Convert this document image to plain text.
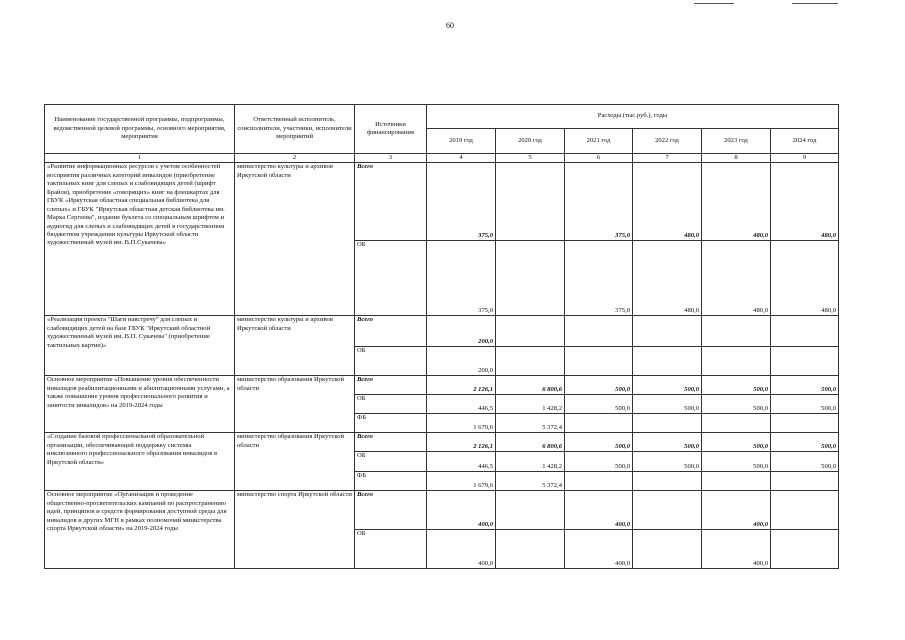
60
Наименование государственной программы, подпрограммы, ведомственной целевой программы, основного мероприятия, мероприятия	Ответственный исполнитель, соисполнители, участники, исполнители мероприятий	Источники финансирования	Расходы (тыс.руб.), годы					
			2019 год	2020 год	2021 год	2022 год	2023 год	2024 год
1	2	3	4	5	6	7	8	9
«Развитие информационных ресурсов с учетом особенностей восприятия различных категорий инвалидов (приобретение тактильных книг для слепых и слабовидящих детей (шрифт Брайля), приобретение «говорящих» книг на флешкартах для ГБУК «Иркутская областная специальная библиотека для слепых» и ГБУК "Иркутская областная детская библиотека им. Марка Сергеева", издание буклета со специальным шрифтом и аудиогид для слепых и слабовидящих детей в государственном бюджетном учреждении культуры Иркутской области художественный музей им. В.П.Сукачева»	министерство культуры и архивов Иркутской области	Всего	375,0		375,0	480,0	480,0	480,0
		ОБ	375,0		375,0	480,0	480,0	480,0
«Реализация проекта "Шаги навстречу" для слепых и слабовидящих детей на базе ГБУК "Иркутский областной художественный музей им. В.П. Сукачева" (приобретение тактильных картин)»	министерство культуры и архивов Иркутской области	Всего	200,0					
		ОБ	200,0					
Основное мероприятие «Повышение уровня обеспеченности инвалидов реабилитационными и абилитационными услугами, а также повышение уровня профессионального развития и занятости инвалидов» на 2019-2024 годы	министерство образования Иркутской области	Всего	2 126,1	6 800,6	500,0	500,0	500,0	500,0
		ОБ	446,5	1 428,2	500,0	500,0	500,0	500,0
		ФБ	1 679,6	5 372,4				
«Создание базовой профессиональной образовательной организации, обеспечивающей поддержку системы инклюзивного профессионального образования инвалидов в Иркутской области»	министерство образования Иркутской области	Всего	2 126,1	6 800,6	500,0	500,0	500,0	500,0
		ОБ	446,5	1 428,2	500,0	500,0	500,0	500,0
		ФБ	1 679,6	5 372,4				
Основное мероприятие «Организация и проведение общественно-просветительских кампаний по распространению идей, принципов и средств формирования доступной среды для инвалидов и других МГН в рамках полномочий министерства спорта Иркутской области» на 2019-2024 годы	министерство спорта Иркутской области	Всего	400,0		400,0		400,0	
		ОБ	400,0		400,0		400,0	
